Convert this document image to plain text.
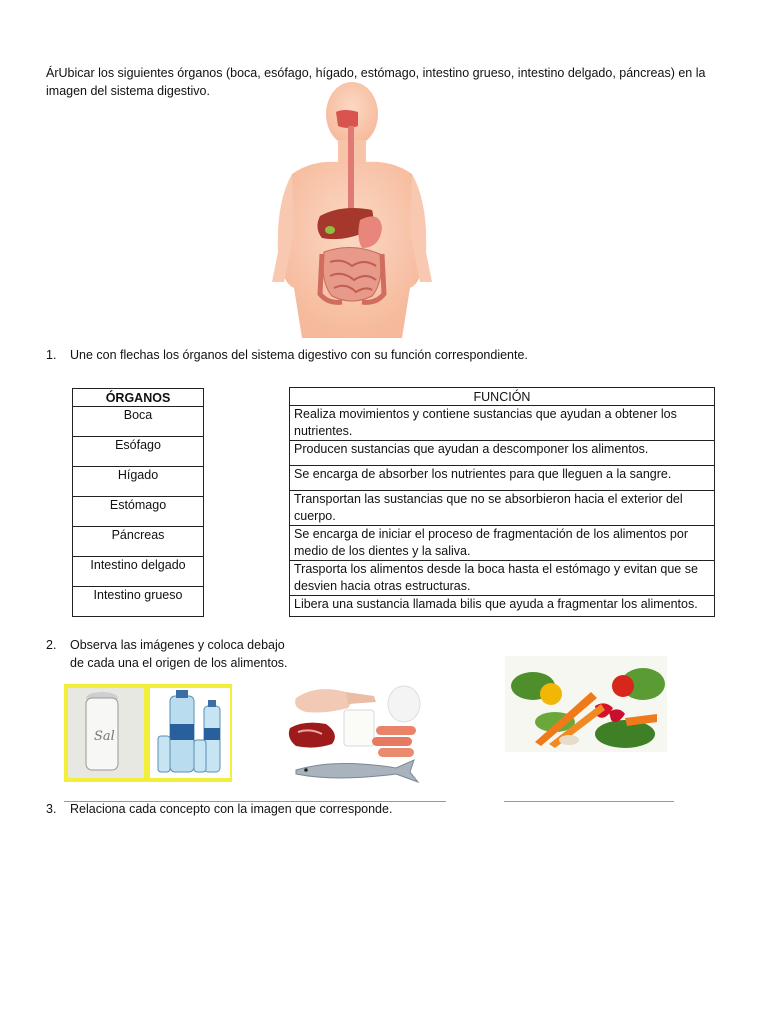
ÁrUbicar los siguientes órganos (boca, esófago, hígado, estómago, intestino grueso, intestino delgado, páncreas) en la imagen del sistema digestivo.
1. Une con flechas los órganos del sistema digestivo con su función correspondiente.
ÓRGANOS
Boca
Esófago
Hígado
Estómago
Páncreas
Intestino delgado
Intestino grueso
FUNCIÓN
Realiza movimientos y contiene sustancias que ayudan a obtener los nutrientes.
Producen sustancias que ayudan a descomponer los alimentos.
Se encarga de absorber los nutrientes para que lleguen a la sangre.
Transportan las sustancias que no se absorbieron hacia el exterior del cuerpo.
Se encarga de iniciar el proceso de fragmentación de los alimentos por medio de los dientes y la saliva.
Trasporta los alimentos desde la boca hasta el estómago y evitan que se desvien hacia otras estructuras.
Libera una sustancia llamada bilis que ayuda a fragmentar los alimentos.
2. Observa las imágenes y coloca debajo
de cada una el origen de los alimentos.
Sal
3. Relaciona cada concepto con la imagen que corresponde.
